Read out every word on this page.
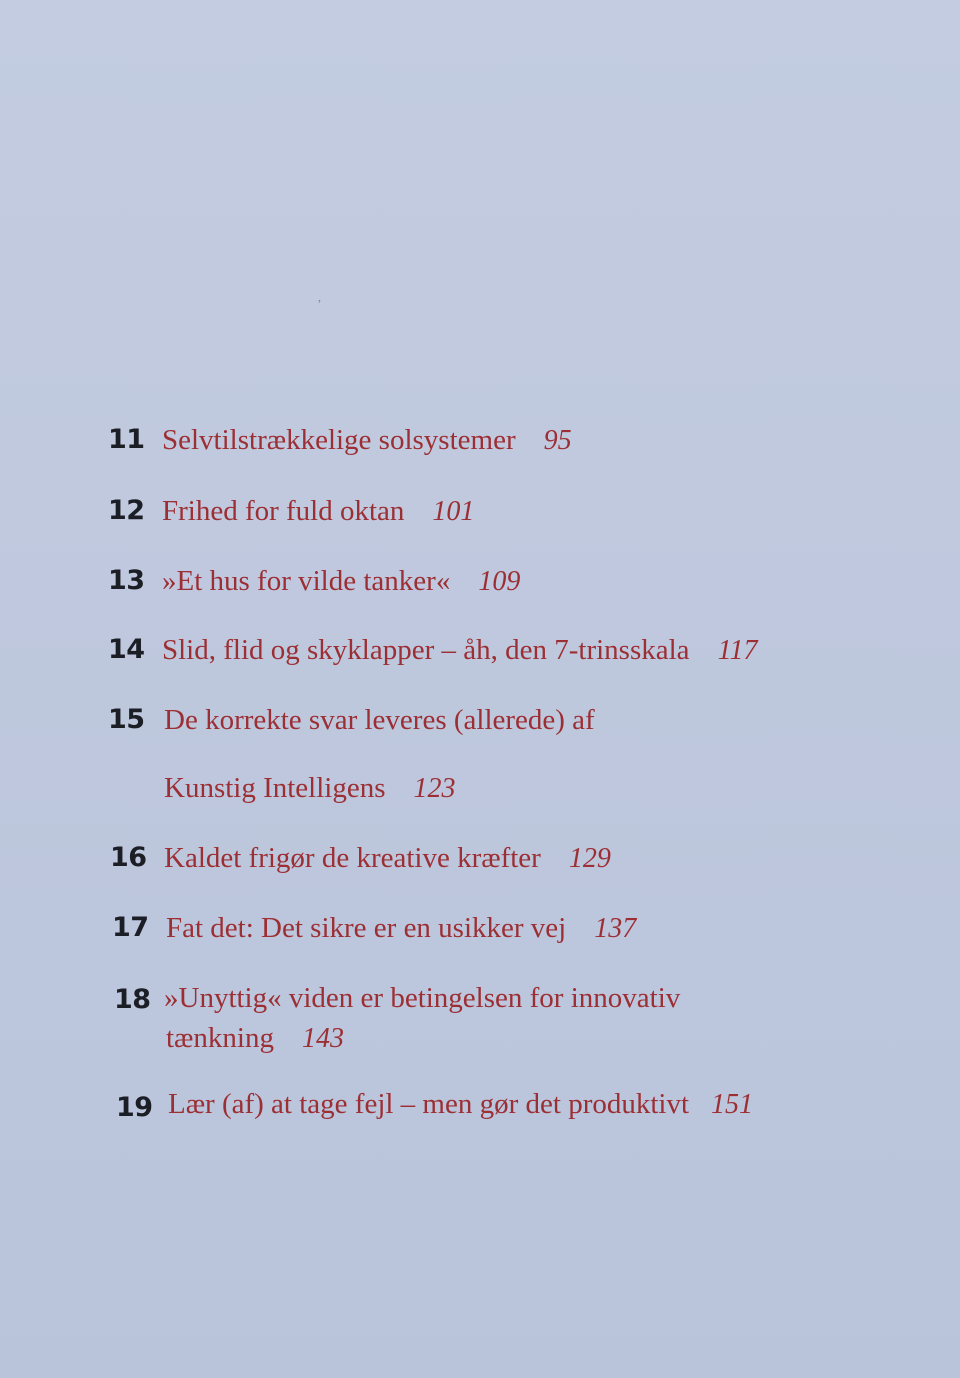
,
11 Selvtilstrækkelige solsystemer 95
12 Frihed for fuld oktan 101
13 »Et hus for vilde tanker« 109
14 Slid, flid og skyklapper – åh, den 7-trinsskala 117
15 De korrekte svar leveres (allerede) af
Kunstig Intelligens 123
16 Kaldet frigør de kreative kræfter 129
17 Fat det: Det sikre er en usikker vej 137
18 »Unyttig« viden er betingelsen for innovativ
tænkning 143
19 Lær (af) at tage fejl – men gør det produktivt 151
